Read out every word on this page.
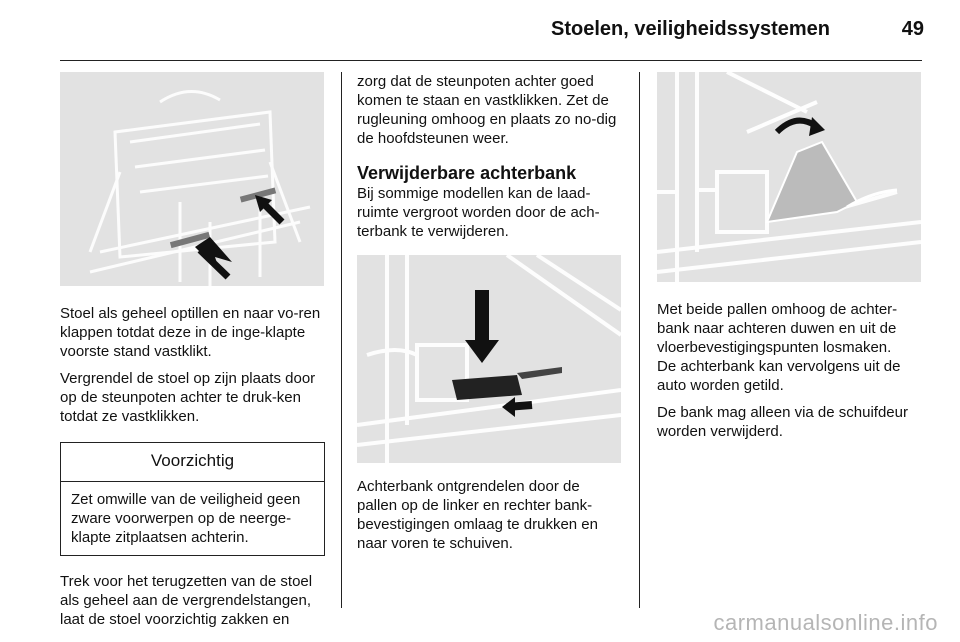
Stoelen, veiligheidssystemen	49

Stoel als geheel optillen en naar vo-ren klappen totdat deze in de inge-klapte voorste stand vastklikt.

Vergrendel de stoel op zijn plaats door op de steunpoten achter te druk-ken totdat ze vastklikken.

Voorzichtig
Zet omwille van de veiligheid geen zware voorwerpen op de neerge-klapte zitplaatsen achterin.

Trek voor het terugzetten van de stoel als geheel aan de vergrendelstangen, laat de stoel voorzichtig zakken en

zorg dat de steunpoten achter goed komen te staan en vastklikken. Zet de rugleuning omhoog en plaats zo no-dig de hoofdsteunen weer.

Verwijderbare achterbank

Bij sommige modellen kan de laad-ruimte vergroot worden door de ach-terbank te verwijderen.

Achterbank ontgrendelen door de pallen op de linker en rechter bank-bevestigingen omlaag te drukken en naar voren te schuiven.

Met beide pallen omhoog de achter-bank naar achteren duwen en uit de vloerbevestigingspunten losmaken.

De achterbank kan vervolgens uit de auto worden getild.

De bank mag alleen via de schuifdeur worden verwijderd.

carmanualsonline.info
